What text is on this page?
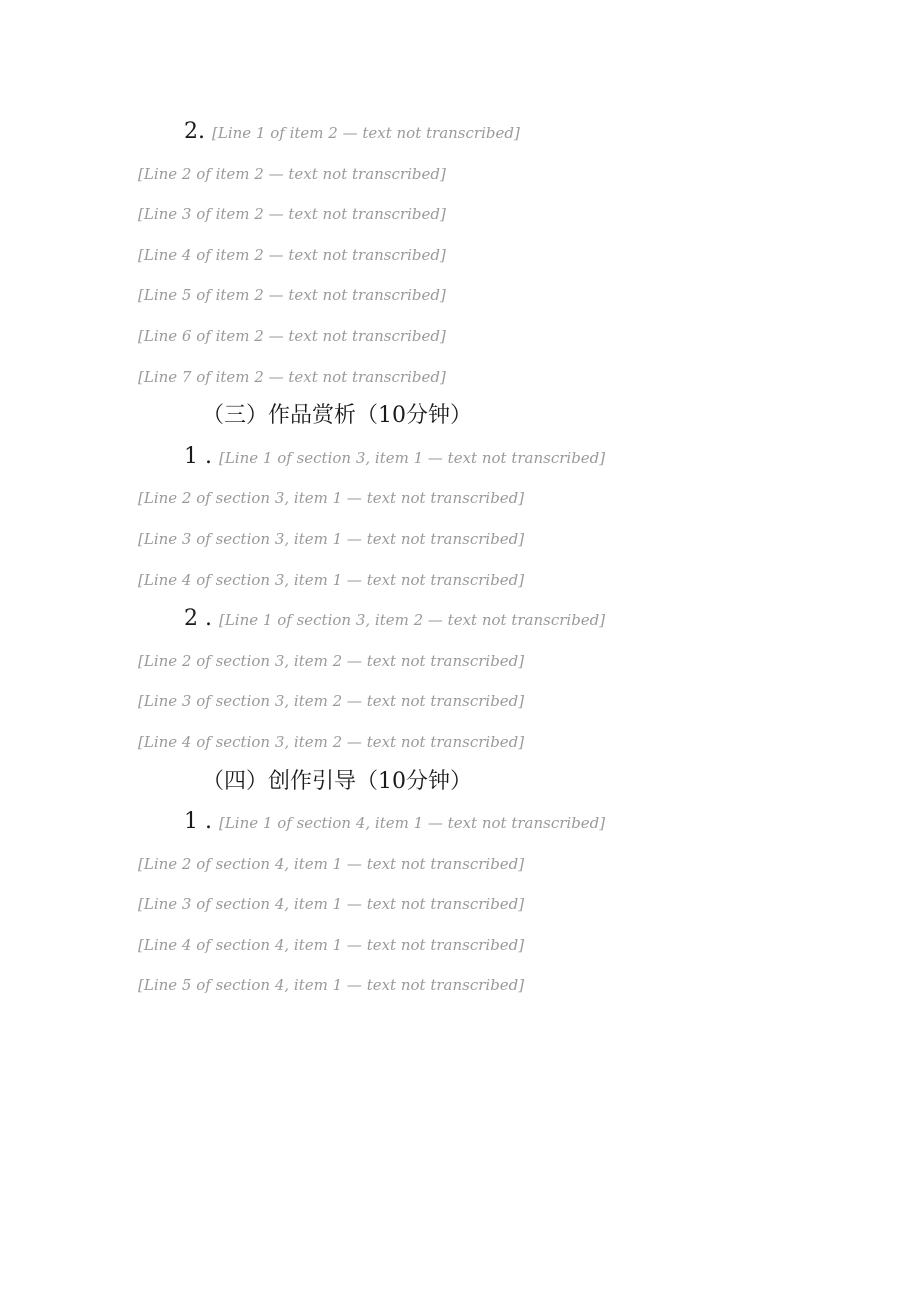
2. [Line 1 of item 2 — text not transcribed]
[Line 2 of item 2 — text not transcribed]
[Line 3 of item 2 — text not transcribed]
[Line 4 of item 2 — text not transcribed]
[Line 5 of item 2 — text not transcribed]
[Line 6 of item 2 — text not transcribed]
[Line 7 of item 2 — text not transcribed]
（三）作品赏析（10分钟）
1 . [Line 1 of section 3, item 1 — text not transcribed]
[Line 2 of section 3, item 1 — text not transcribed]
[Line 3 of section 3, item 1 — text not transcribed]
[Line 4 of section 3, item 1 — text not transcribed]
2 . [Line 1 of section 3, item 2 — text not transcribed]
[Line 2 of section 3, item 2 — text not transcribed]
[Line 3 of section 3, item 2 — text not transcribed]
[Line 4 of section 3, item 2 — text not transcribed]
（四）创作引导（10分钟）
1 . [Line 1 of section 4, item 1 — text not transcribed]
[Line 2 of section 4, item 1 — text not transcribed]
[Line 3 of section 4, item 1 — text not transcribed]
[Line 4 of section 4, item 1 — text not transcribed]
[Line 5 of section 4, item 1 — text not transcribed]
